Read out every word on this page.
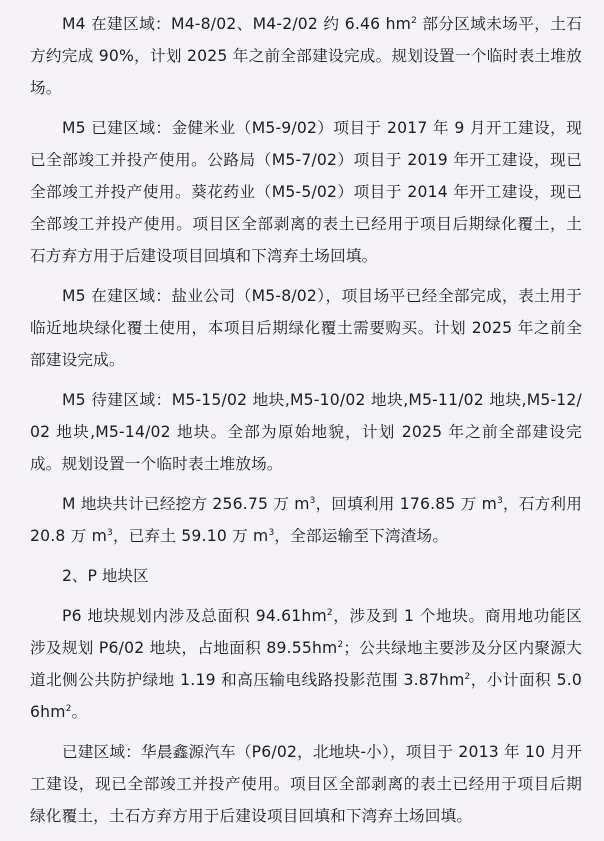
M4 在建区域：M4-8/02、M4-2/02 约 6.46 $hm^2$ 部分区域未场平，土石方约完成 90%，计划 2025 年之前全部建设完成。规划设置一个临时表土堆放场。

M5 已建区域：金健米业（M5-9/02）项目于 2017 年 9 月开工建设，现已全部竣工并投产使用。公路局（M5-7/02）项目于 2019 年开工建设，现已全部竣工并投产使用。葵花药业（M5-5/02）项目于 2014 年开工建设，现已全部竣工并投产使用。项目区全部剥离的表土已经用于项目后期绿化覆土，土石方弃方用于后建设项目回填和下湾弃土场回填。

M5 在建区域：盐业公司（M5-8/02），项目场平已经全部完成，表土用于临近地块绿化覆土使用，本项目后期绿化覆土需要购买。计划 2025 年之前全部建设完成。

M5 待建区域：M5-15/02 地块,M5-10/02 地块,M5-11/02 地块,M5-12/02 地块,M5-14/02 地块。全部为原始地貌，计划 2025 年之前全部建设完成。规划设置一个临时表土堆放场。

M 地块共计已经挖方 256.75 万 $m^3$，回填利用 176.85 万 $m^3$，石方利用 20.8 万 $m^3$，已弃土 59.10 万 $m^3$，全部运输至下湾渣场。

2、P 地块区

P6 地块规划内涉及总面积 $94.61hm^2$，涉及到 1 个地块。商用地功能区涉及规划 P6/02 地块，占地面积 $89.55hm^2$；公共绿地主要涉及分区内聚源大道北侧公共防护绿地 1.19 和高压输电线路投影范围 $3.87hm^2$，小计面积 $5.06hm^2$。

已建区域：华晨鑫源汽车（P6/02，北地块-小），项目于 2013 年 10 月开工建设，现已全部竣工并投产使用。项目区全部剥离的表土已经用于项目后期绿化覆土，土石方弃方用于后建设项目回填和下湾弃土场回填。
